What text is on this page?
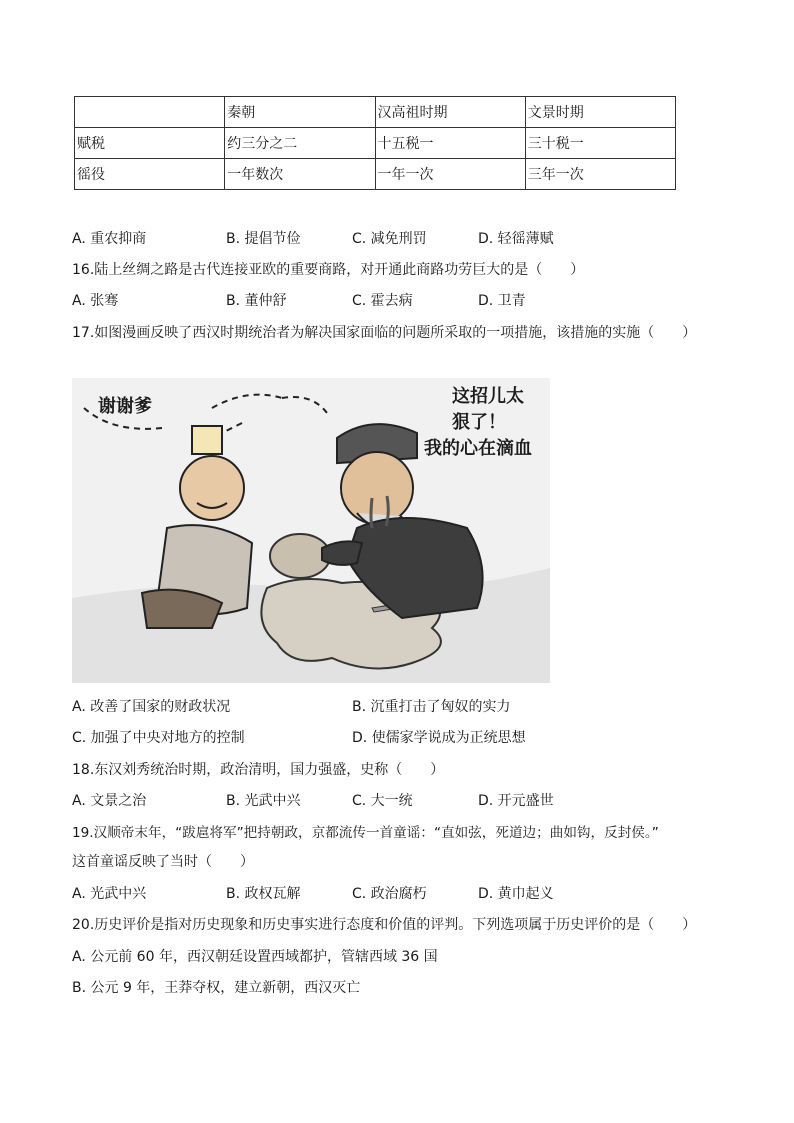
	秦朝	汉高祖时期	文景时期
赋税	约三分之二	十五税一	三十税一
徭役	一年数次	一年一次	三年一次
A. 重农抑商	B. 提倡节俭	C. 减免刑罚	D. 轻徭薄赋
16.陆上丝绸之路是古代连接亚欧的重要商路，对开通此商路功劳巨大的是（　　）
A. 张骞	B. 董仲舒	C. 霍去病	D. 卫青
17.如图漫画反映了西汉时期统治者为解决国家面临的问题所采取的一项措施，该措施的实施（　　）
谢谢爹	这招儿太
狠了！
我的心在滴血
A. 改善了国家的财政状况	B. 沉重打击了匈奴的实力
C. 加强了中央对地方的控制	D. 使儒家学说成为正统思想
18.东汉刘秀统治时期，政治清明，国力强盛，史称（　　）
A. 文景之治	B. 光武中兴	C. 大一统	D. 开元盛世
19.汉顺帝末年，“跋扈将军”把持朝政，京都流传一首童谣：“直如弦，死道边；曲如钩，反封侯。”
这首童谣反映了当时（　　）
A. 光武中兴	B. 政权瓦解	C. 政治腐朽	D. 黄巾起义
20.历史评价是指对历史现象和历史事实进行态度和价值的评判。下列选项属于历史评价的是（　　）
A. 公元前 60 年，西汉朝廷设置西域都护，管辖西域 36 国
B. 公元 9 年，王莽夺权，建立新朝，西汉灭亡
